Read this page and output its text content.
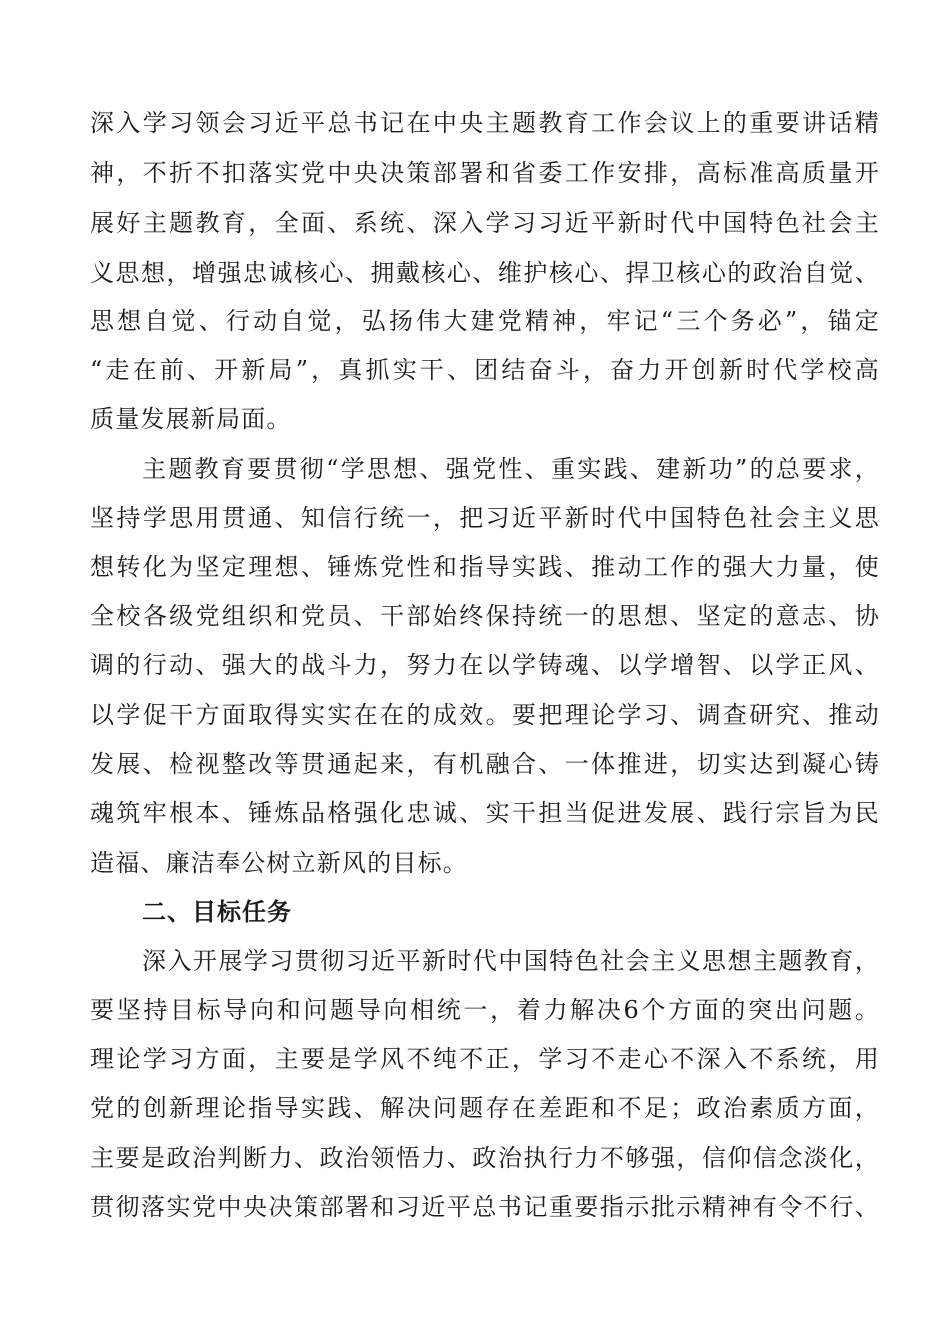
深入学习领会习近平总书记在中央主题教育工作会议上的重要讲话精
神，不折不扣落实党中央决策部署和省委工作安排，高标准高质量开
展好主题教育，全面、系统、深入学习习近平新时代中国特色社会主
义思想，增强忠诚核心、拥戴核心、维护核心、捍卫核心的政治自觉、
思想自觉、行动自觉，弘扬伟大建党精神，牢记“三个务必”，锚定
“走在前、开新局”，真抓实干、团结奋斗，奋力开创新时代学校高
质量发展新局面。
主题教育要贯彻“学思想、强党性、重实践、建新功”的总要求，
坚持学思用贯通、知信行统一，把习近平新时代中国特色社会主义思
想转化为坚定理想、锤炼党性和指导实践、推动工作的强大力量，使
全校各级党组织和党员、干部始终保持统一的思想、坚定的意志、协
调的行动、强大的战斗力，努力在以学铸魂、以学增智、以学正风、
以学促干方面取得实实在在的成效。要把理论学习、调查研究、推动
发展、检视整改等贯通起来，有机融合、一体推进，切实达到凝心铸
魂筑牢根本、锤炼品格强化忠诚、实干担当促进发展、践行宗旨为民
造福、廉洁奉公树立新风的目标。
二、目标任务
深入开展学习贯彻习近平新时代中国特色社会主义思想主题教育，
要坚持目标导向和问题导向相统一，着力解决6个方面的突出问题。
理论学习方面，主要是学风不纯不正，学习不走心不深入不系统，用
党的创新理论指导实践、解决问题存在差距和不足；政治素质方面，
主要是政治判断力、政治领悟力、政治执行力不够强，信仰信念淡化，
贯彻落实党中央决策部署和习近平总书记重要指示批示精神有令不行、
